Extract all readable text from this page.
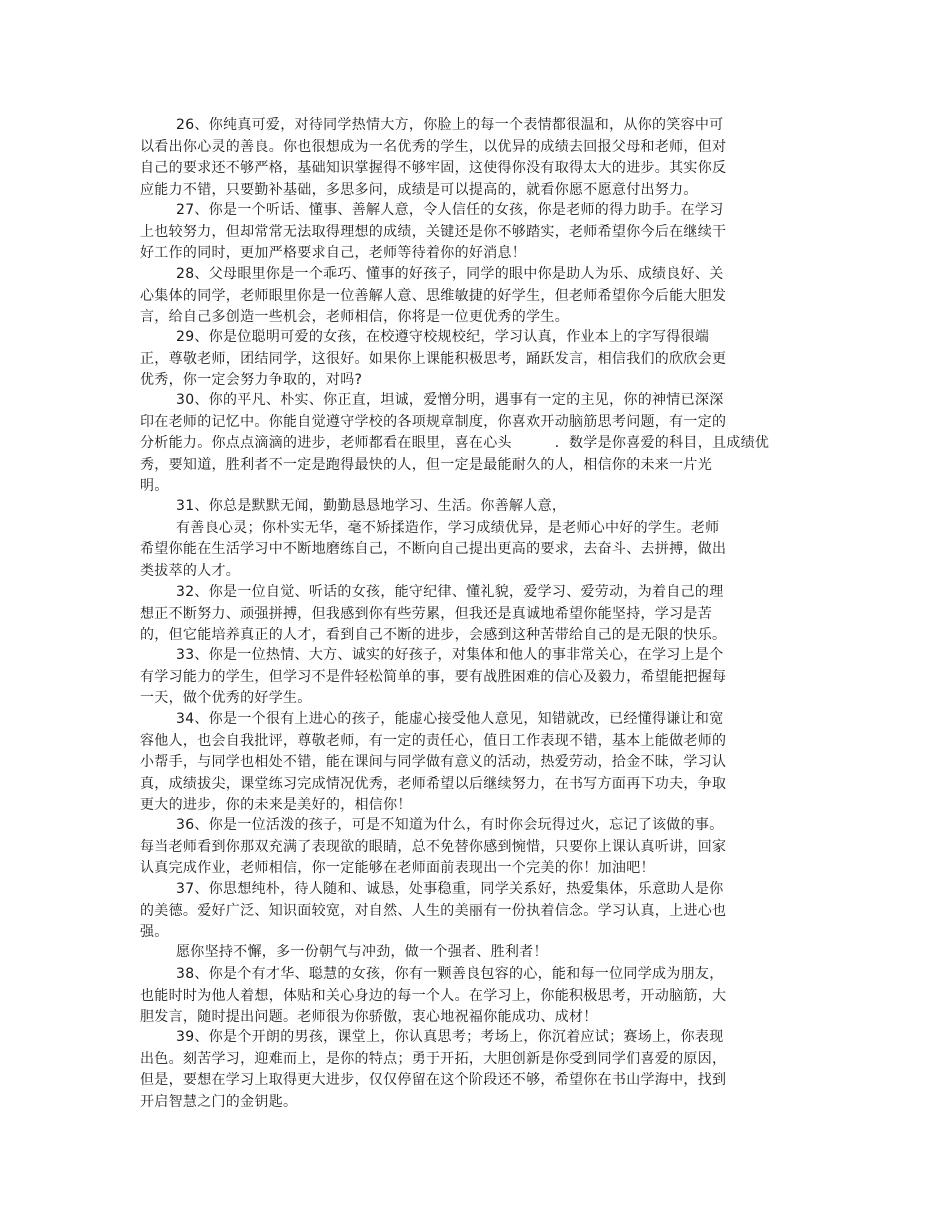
26、你纯真可爱，对待同学热情大方，你脸上的每一个表情都很温和，从你的笑容中可
以看出你心灵的善良。你也很想成为一名优秀的学生，以优异的成绩去回报父母和老师，但对
自己的要求还不够严格，基础知识掌握得不够牢固，这使得你没有取得太大的进步。其实你反
应能力不错，只要勤补基础，多思多问，成绩是可以提高的，就看你愿不愿意付出努力。
27、你是一个听话、懂事、善解人意，令人信任的女孩，你是老师的得力助手。在学习
上也较努力，但却常常无法取得理想的成绩，关键还是你不够踏实，老师希望你今后在继续干
好工作的同时，更加严格要求自己，老师等待着你的好消息！
28、父母眼里你是一个乖巧、懂事的好孩子，同学的眼中你是助人为乐、成绩良好、关
心集体的同学，老师眼里你是一位善解人意、思维敏捷的好学生，但老师希望你今后能大胆发
言，给自己多创造一些机会，老师相信，你将是一位更优秀的学生。
29、你是位聪明可爱的女孩，在校遵守校规校纪，学习认真，作业本上的字写得很端
正，尊敬老师，团结同学，这很好。如果你上课能积极思考，踊跃发言，相信我们的欣欣会更
优秀，你一定会努力争取的，对吗?
30、你的平凡、朴实、你正直，坦诚，爱憎分明，遇事有一定的主见，你的神情已深深
印在老师的记忆中。你能自觉遵守学校的各项规章制度，你喜欢开动脑筋思考问题，有一定的
分析能力。你点点滴滴的进步，老师都看在眼里，喜在心头　　　．数学是你喜爱的科目，且成绩优
秀，要知道，胜利者不一定是跑得最快的人，但一定是最能耐久的人，相信你的未来一片光
明。
31、你总是默默无闻，勤勤恳恳地学习、生活。你善解人意，
有善良心灵；你朴实无华，毫不矫揉造作，学习成绩优异，是老师心中好的学生。老师
希望你能在生活学习中不断地磨练自己，不断向自己提出更高的要求，去奋斗、去拼搏，做出
类拔萃的人才。
32、你是一位自觉、听话的女孩，能守纪律、懂礼貌，爱学习、爱劳动，为着自己的理
想正不断努力、顽强拼搏，但我感到你有些劳累，但我还是真诚地希望你能坚持，学习是苦
的，但它能培养真正的人才，看到自己不断的进步，会感到这种苦带给自己的是无限的快乐。
33、你是一位热情、大方、诚实的好孩子，对集体和他人的事非常关心，在学习上是个
有学习能力的学生，但学习不是件轻松简单的事，要有战胜困难的信心及毅力，希望能把握每
一天，做个优秀的好学生。
34、你是一个很有上进心的孩子，能虚心接受他人意见，知错就改，已经懂得谦让和宽
容他人，也会自我批评，尊敬老师，有一定的责任心，值日工作表现不错，基本上能做老师的
小帮手，与同学也相处不错，能在课间与同学做有意义的活动，热爱劳动，拾金不昧，学习认
真，成绩拔尖，课堂练习完成情况优秀，老师希望以后继续努力，在书写方面再下功夫，争取
更大的进步，你的未来是美好的，相信你！
36、你是一位活泼的孩子，可是不知道为什么，有时你会玩得过火，忘记了该做的事。
每当老师看到你那双充满了表现欲的眼睛，总不免替你感到惋惜，只要你上课认真听讲，回家
认真完成作业，老师相信，你一定能够在老师面前表现出一个完美的你！加油吧！
37、你思想纯朴，待人随和、诚恳，处事稳重，同学关系好，热爱集体，乐意助人是你
的美德。爱好广泛、知识面较宽，对自然、人生的美丽有一份执着信念。学习认真，上进心也
强。
愿你坚持不懈，多一份朝气与冲劲，做一个强者、胜利者！
38、你是个有才华、聪慧的女孩，你有一颗善良包容的心，能和每一位同学成为朋友，
也能时时为他人着想，体贴和关心身边的每一个人。在学习上，你能积极思考，开动脑筋，大
胆发言，随时提出问题。老师很为你骄傲，衷心地祝福你能成功、成材！
39、你是个开朗的男孩，课堂上，你认真思考；考场上，你沉着应试；赛场上，你表现
出色。刻苦学习，迎难而上，是你的特点；勇于开拓，大胆创新是你受到同学们喜爱的原因，
但是，要想在学习上取得更大进步，仅仅停留在这个阶段还不够，希望你在书山学海中，找到
开启智慧之门的金钥匙。
